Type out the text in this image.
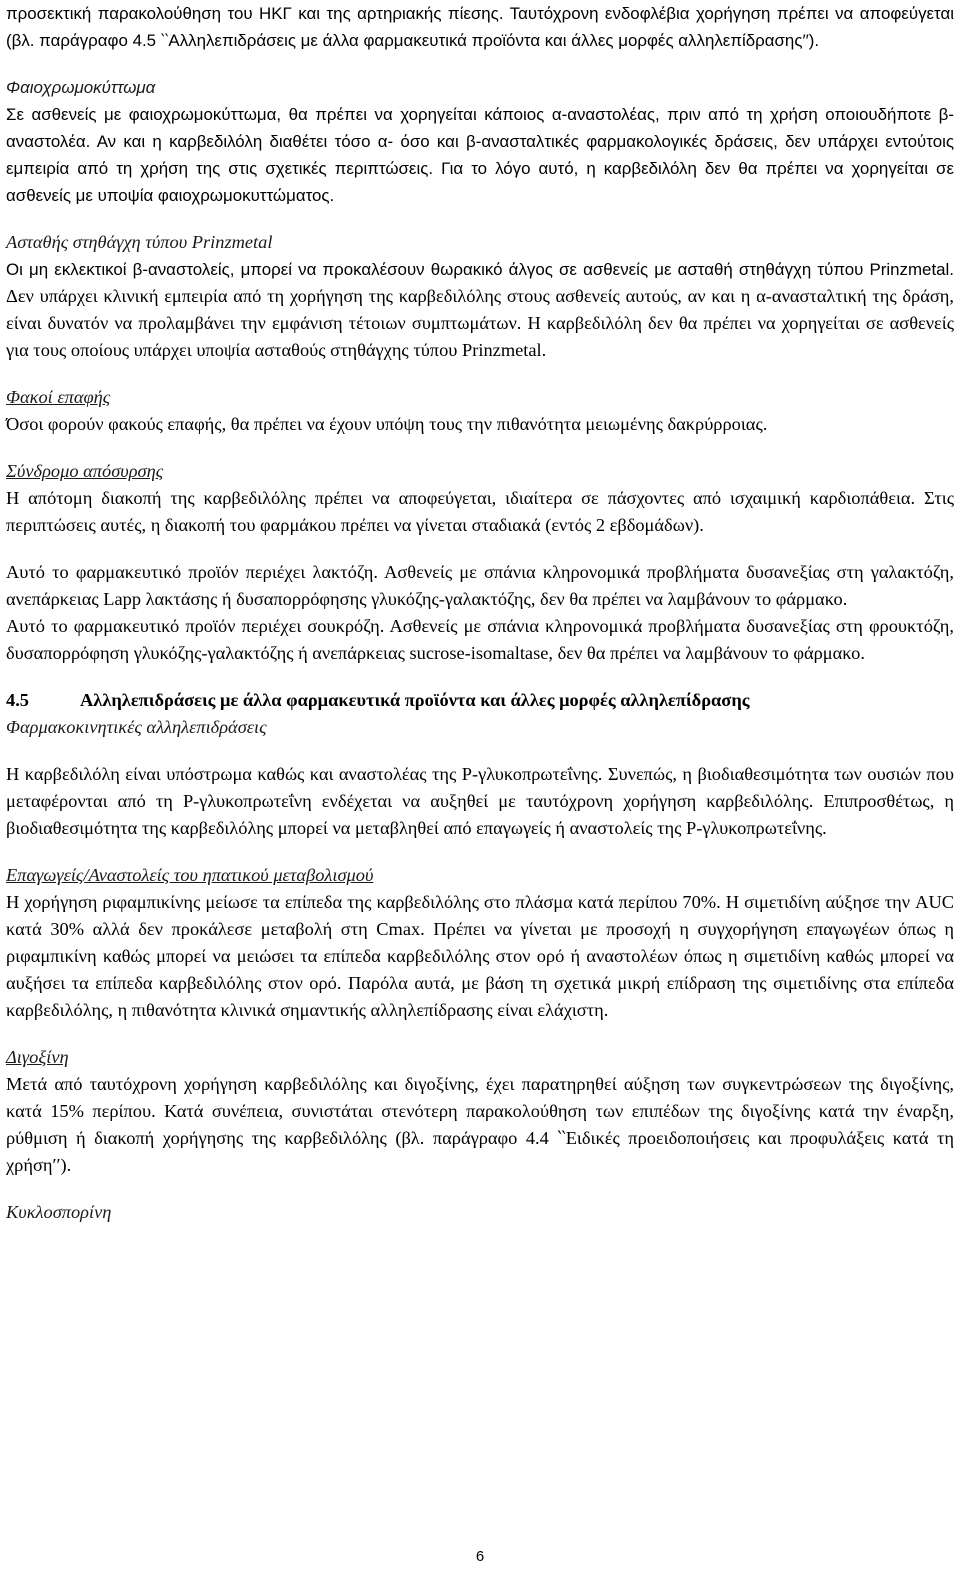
προσεκτική παρακολούθηση του ΗΚΓ και της αρτηριακής πίεσης. Ταυτόχρονη ενδοφλέβια χορήγηση πρέπει να αποφεύγεται (βλ. παράγραφο 4.5 ‵‵Αλληλεπιδράσεις με άλλα φαρμακευτικά προϊόντα και άλλες μορφές αλληλεπίδρασης′′).

Φαιοχρωμοκύττωμα

Σε ασθενείς με φαιοχρωμοκύττωμα, θα πρέπει να χορηγείται κάποιος α-αναστολέας, πριν από τη χρήση οποιουδήποτε β-αναστολέα. Αν και η καρβεδιλόλη διαθέτει τόσο α- όσο και β-ανασταλτικές φαρμακολογικές δράσεις, δεν υπάρχει εντούτοις εμπειρία από τη χρήση της στις σχετικές περιπτώσεις. Για το λόγο αυτό, η καρβεδιλόλη δεν θα πρέπει να χορηγείται σε ασθενείς με υποψία φαιοχρωμοκυττώματος.

Ασταθής στηθάγχη τύπου Prinzmetal

Οι μη εκλεκτικοί β-αναστολείς, μπορεί να προκαλέσουν θωρακικό άλγος σε ασθενείς με ασταθή στηθάγχη τύπου Prinzmetal. Δεν υπάρχει κλινική εμπειρία από τη χορήγηση της καρβεδιλόλης στους ασθενείς αυτούς, αν και η α-ανασταλτική της δράση, είναι δυνατόν να προλαμβάνει την εμφάνιση τέτοιων συμπτωμάτων. Η καρβεδιλόλη δεν θα πρέπει να χορηγείται σε ασθενείς για τους οποίους υπάρχει υποψία ασταθούς στηθάγχης τύπου Prinzmetal.

Φακοί επαφής

Όσοι φορούν φακούς επαφής, θα πρέπει να έχουν υπόψη τους την πιθανότητα μειωμένης δακρύρροιας.

Σύνδρομο απόσυρσης

Η απότομη διακοπή της καρβεδιλόλης πρέπει να αποφεύγεται, ιδιαίτερα σε πάσχοντες από ισχαιμική καρδιοπάθεια. Στις περιπτώσεις αυτές, η διακοπή του φαρμάκου πρέπει να γίνεται σταδιακά (εντός 2 εβδομάδων).

Αυτό το φαρμακευτικό προϊόν περιέχει λακτόζη. Ασθενείς με σπάνια κληρονομικά προβλήματα δυσανεξίας στη γαλακτόζη, ανεπάρκειας Lapp λακτάσης ή δυσαπορρόφησης γλυκόζης-γαλακτόζης, δεν θα πρέπει να λαμβάνουν το φάρμακο.

Αυτό το φαρμακευτικό προϊόν περιέχει σουκρόζη. Ασθενείς με σπάνια κληρονομικά προβλήματα δυσανεξίας στη φρουκτόζη, δυσαπορρόφηση γλυκόζης-γαλακτόζης ή ανεπάρκειας sucrose-isomaltase, δεν θα πρέπει να λαμβάνουν το φάρμακο.

4.5	Αλληλεπιδράσεις με άλλα φαρμακευτικά προϊόντα και άλλες μορφές αλληλεπίδρασης

Φαρμακοκινητικές αλληλεπιδράσεις

Η καρβεδιλόλη είναι υπόστρωμα καθώς και αναστολέας της P-γλυκοπρωτεΐνης. Συνεπώς, η βιοδιαθεσιμότητα των ουσιών που μεταφέρονται από τη P-γλυκοπρωτεΐνη ενδέχεται να αυξηθεί με ταυτόχρονη χορήγηση καρβεδιλόλης. Επιπροσθέτως, η βιοδιαθεσιμότητα της καρβεδιλόλης μπορεί να μεταβληθεί από επαγωγείς ή αναστολείς της P-γλυκοπρωτεΐνης.

Επαγωγείς/Αναστολείς του ηπατικού μεταβολισμού

Η χορήγηση ριφαμπικίνης μείωσε τα επίπεδα της καρβεδιλόλης στο πλάσμα κατά περίπου 70%. Η σιμετιδίνη αύξησε την AUC κατά 30% αλλά δεν προκάλεσε μεταβολή στη Cmax. Πρέπει να γίνεται με προσοχή η συγχορήγηση επαγωγέων όπως η ριφαμπικίνη καθώς μπορεί να μειώσει τα επίπεδα καρβεδιλόλης στον ορό ή αναστολέων όπως η σιμετιδίνη καθώς μπορεί να αυξήσει τα επίπεδα καρβεδιλόλης στον ορό. Παρόλα αυτά, με βάση τη σχετικά μικρή επίδραση της σιμετιδίνης στα επίπεδα καρβεδιλόλης, η πιθανότητα κλινικά σημαντικής αλληλεπίδρασης είναι ελάχιστη.

Διγοξίνη

Μετά από ταυτόχρονη χορήγηση καρβεδιλόλης και διγοξίνης, έχει παρατηρηθεί αύξηση των συγκεντρώσεων της διγοξίνης, κατά 15% περίπου. Κατά συνέπεια, συνιστάται στενότερη παρακολούθηση των επιπέδων της διγοξίνης κατά την έναρξη, ρύθμιση ή διακοπή χορήγησης της καρβεδιλόλης (βλ. παράγραφο 4.4 ‵‵Ειδικές προειδοποιήσεις και προφυλάξεις κατά τη χρήση′′).

Κυκλοσπορίνη

6
